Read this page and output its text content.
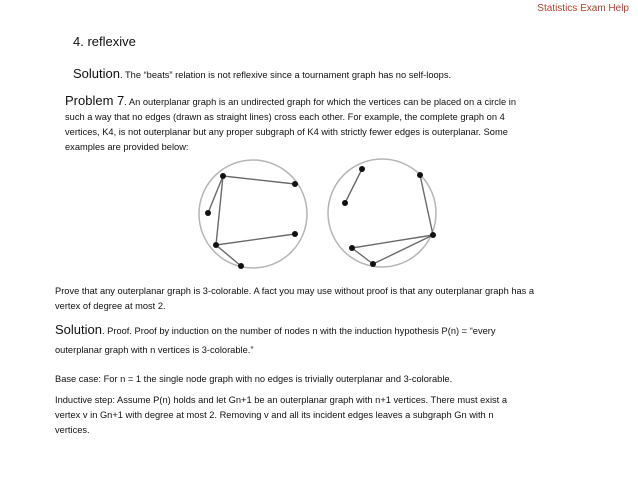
Statistics Exam Help

4. reflexive

Solution. The “beats” relation is not reflexive since a tournament graph has no self-loops.

Problem 7. An outerplanar graph is an undirected graph for which the vertices can be placed on a circle in
such a way that no edges (drawn as straight lines) cross each other. For example, the complete graph on 4
vertices, K4, is not outerplanar but any proper subgraph of K4 with strictly fewer edges is outerplanar. Some
examples are provided below:
Prove that any outerplanar graph is 3-colorable. A fact you may use without proof is that any outerplanar graph has a
vertex of degree at most 2.
Solution. Proof. Proof by induction on the number of nodes n with the induction hypothesis P(n) = “every
outerplanar graph with n vertices is 3-colorable.”

Base case: For n = 1 the single node graph with no edges is trivially outerplanar and 3-colorable.

Inductive step: Assume P(n) holds and let Gn+1 be an outerplanar graph with n+1 vertices. There must exist a
vertex v in Gn+1 with degree at most 2. Removing v and all its incident edges leaves a subgraph Gn with n
vertices.
